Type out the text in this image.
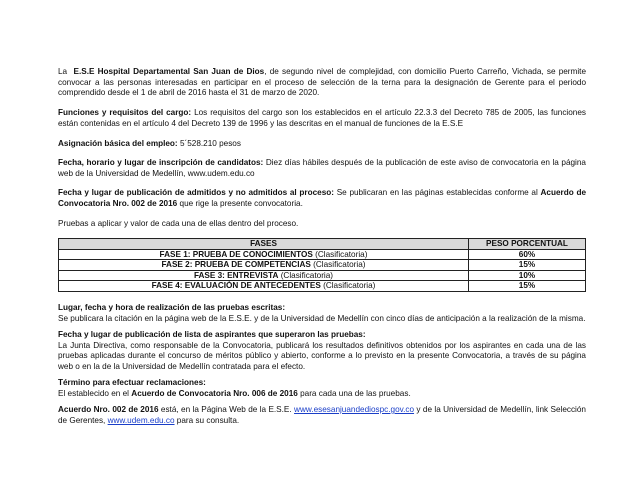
La E.S.E Hospital Departamental San Juan de Dios, de segundo nivel de complejidad, con domicilio Puerto Carreño, Vichada, se permite convocar a las personas interesadas en participar en el proceso de selección de la terna para la designación de Gerente para el periodo comprendido desde el 1 de abril de 2016 hasta el 31 de marzo de 2020.

Funciones y requisitos del cargo: Los requisitos del cargo son los establecidos en el artículo 22.3.3 del Decreto 785 de 2005, las funciones están contenidas en el artículo 4 del Decreto 139 de 1996 y las descritas en el manual de funciones de la E.S.E

Asignación básica del empleo: 5´528.210 pesos

Fecha, horario y lugar de inscripción de candidatos: Diez días hábiles después de la publicación de este aviso de convocatoria en la página web de la Universidad de Medellín, www.udem.edu.co

Fecha y lugar de publicación de admitidos y no admitidos al proceso: Se publicaran en las páginas establecidas conforme al Acuerdo de Convocatoria Nro. 002 de 2016 que rige la presente convocatoria.

Pruebas a aplicar y valor de cada una de ellas dentro del proceso.

FASES	PESO PORCENTUAL
FASE 1: PRUEBA DE CONOCIMIENTOS (Clasificatoria)	60%
FASE 2: PRUEBA DE COMPETENCIAS (Clasificatoria)	15%
FASE 3: ENTREVISTA (Clasificatoria)	10%
FASE 4: EVALUACIÓN DE ANTECEDENTES (Clasificatoria)	15%

Lugar, fecha y hora de realización de las pruebas escritas:
Se publicara la citación en la página web de la E.S.E. y de la Universidad de Medellín con cinco días de anticipación a la realización de la misma.

Fecha y lugar de publicación de lista de aspirantes que superaron las pruebas:
La Junta Directiva, como responsable de la Convocatoria, publicará los resultados definitivos obtenidos por los aspirantes en cada una de las pruebas aplicadas durante el concurso de méritos público y abierto, conforme a lo previsto en la presente Convocatoria, a través de su página web o en la de la Universidad de Medellín contratada para el efecto.

Término para efectuar reclamaciones:
El establecido en el Acuerdo de Convocatoria Nro. 006 de 2016 para cada una de las pruebas.

Acuerdo Nro. 002 de 2016 está, en la Página Web de la E.S.E. www.esesanjuandediospc.gov.co y de la Universidad de Medellín, link Selección de Gerentes, www.udem.edu.co para su consulta.
